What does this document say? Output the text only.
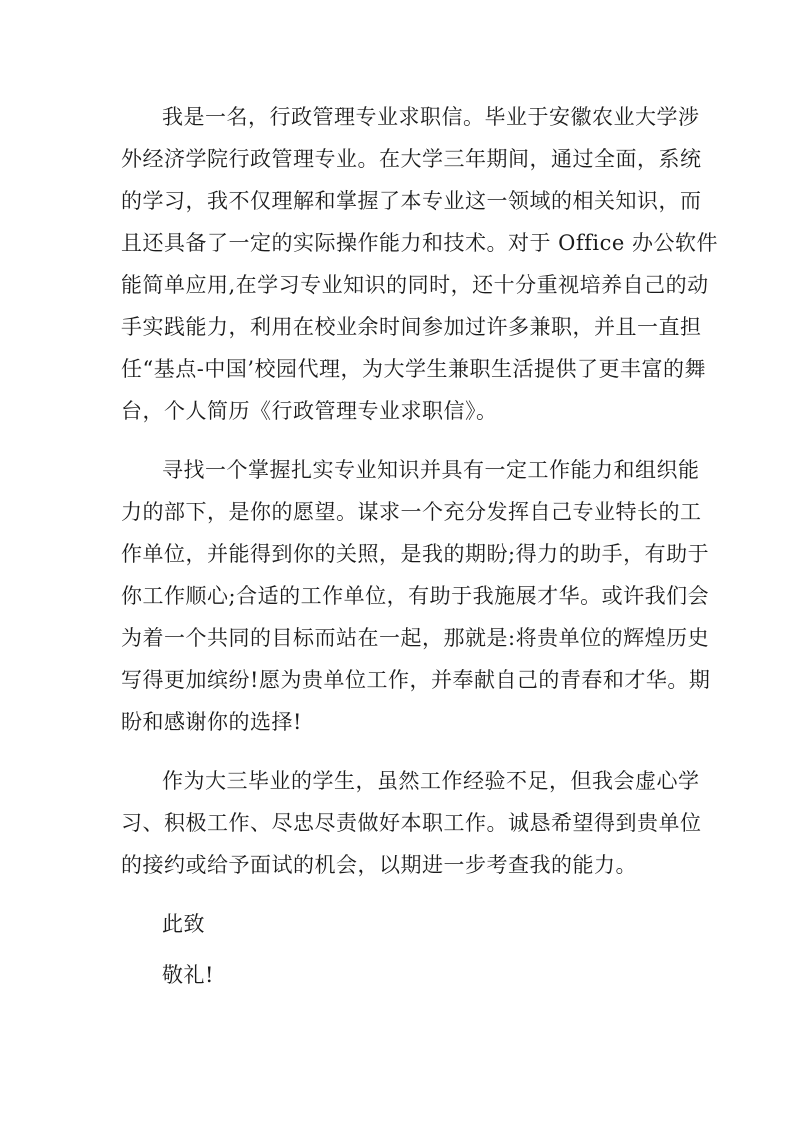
我是一名，行政管理专业求职信。毕业于安徽农业大学涉
外经济学院行政管理专业。在大学三年期间，通过全面，系统
的学习，我不仅理解和掌握了本专业这一领域的相关知识，而
且还具备了一定的实际操作能力和技术。对于 Office 办公软件
能简单应用,在学习专业知识的同时，还十分重视培养自己的动
手实践能力，利用在校业余时间参加过许多兼职，并且一直担
任“基点-中国’校园代理，为大学生兼职生活提供了更丰富的舞
台，个人简历《行政管理专业求职信》。
寻找一个掌握扎实专业知识并具有一定工作能力和组织能
力的部下，是你的愿望。谋求一个充分发挥自己专业特长的工
作单位，并能得到你的关照，是我的期盼;得力的助手，有助于
你工作顺心;合适的工作单位，有助于我施展才华。或许我们会
为着一个共同的目标而站在一起，那就是:将贵单位的辉煌历史
写得更加缤纷!愿为贵单位工作，并奉献自己的青春和才华。期
盼和感谢你的选择!
作为大三毕业的学生，虽然工作经验不足，但我会虚心学
习、积极工作、尽忠尽责做好本职工作。诚恳希望得到贵单位
的接约或给予面试的机会，以期进一步考查我的能力。
此致
敬礼!
